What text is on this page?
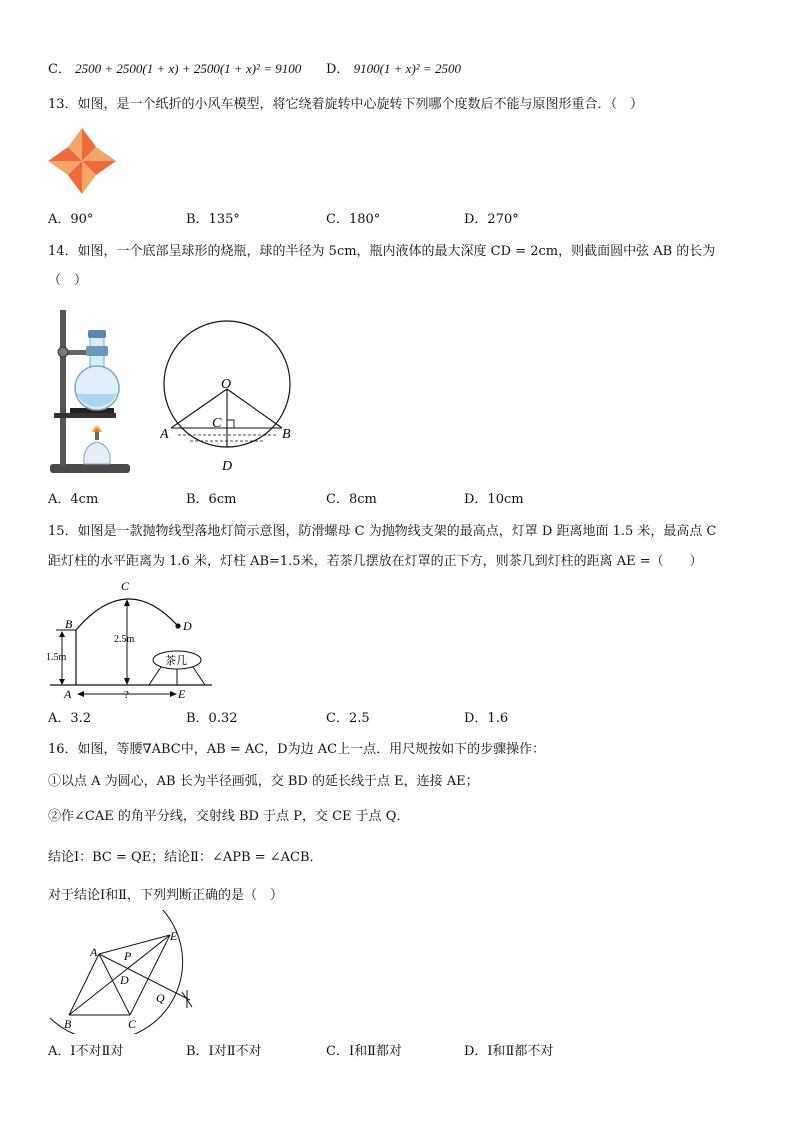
C． 2500 + 2500(1 + x) + 2500(1 + x)² = 9100 D． 9100(1 + x)² = 2500
13．如图，是一个纸折的小风车模型，将它绕着旋转中心旋转下列哪个度数后不能与原图形重合．（　）
A．90°	B．135°	C．180°	D．270°
14．如图，一个底部呈球形的烧瓶，球的半径为 5cm，瓶内液体的最大深度 CD = 2cm，则截面圆中弦 AB 的长为
（　）
O
C
A	B
D
A．4cm	B．6cm	C．8cm	D．10cm
15．如图是一款抛物线型落地灯简示意图，防滑螺母 C 为抛物线支架的最高点，灯罩 D 距离地面 1.5 米，最高点 C
距灯柱的水平距离为 1.6 米，灯柱 AB=1.5米，若茶几摆放在灯罩的正下方，则茶几到灯柱的距离 AE =（　　）
B
C
D
A	E
1.5m
2.5m
茶几
?
A．3.2	B．0.32	C．2.5	D．1.6
16．如图，等腰∇ABC中，AB = AC，D为边 AC上一点．用尺规按如下的步骤操作：
①以点 A 为圆心，AB 长为半径画弧，交 BD 的延长线于点 E，连接 AE；
②作∠CAE 的角平分线，交射线 BD 于点 P，交 CE 于点 Q．
结论Ⅰ：BC = QE；结论Ⅱ：∠APB = ∠ACB．
对于结论Ⅰ和Ⅱ，下列判断正确的是（　）
A P
D
E
Q
B	C
A．Ⅰ不对Ⅱ对	B．Ⅰ对Ⅱ不对	C．Ⅰ和Ⅱ都对	D．Ⅰ和Ⅱ都不对
